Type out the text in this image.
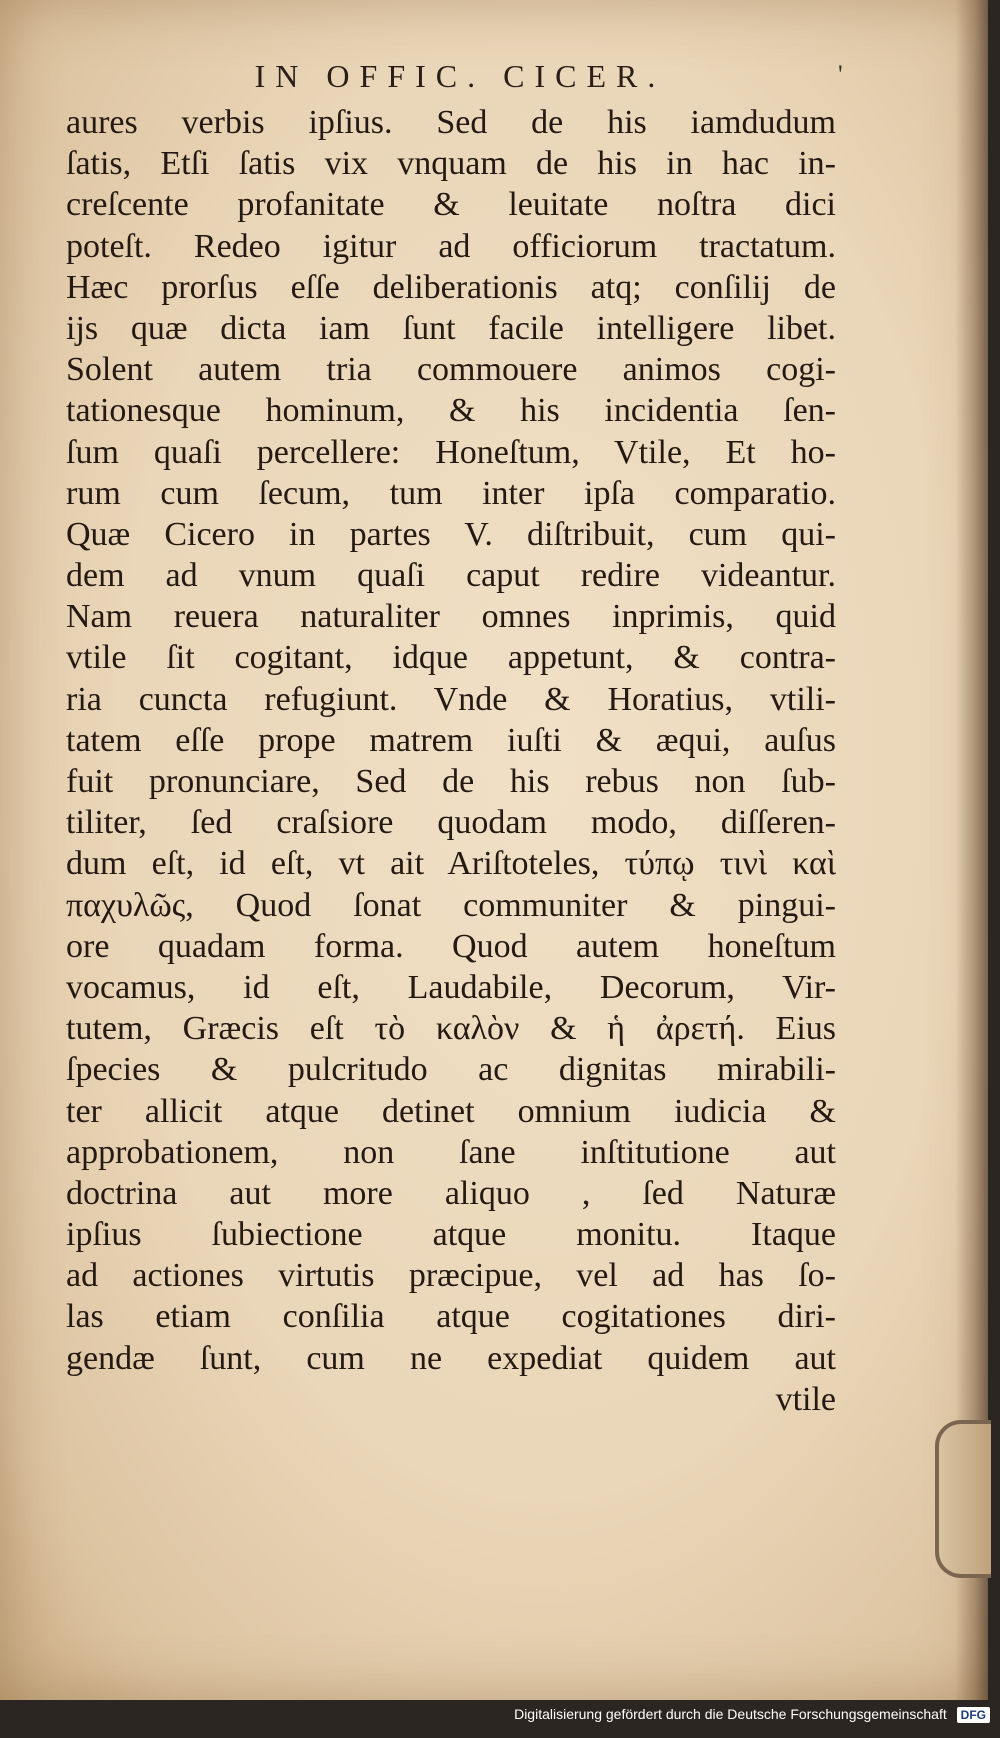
IN OFFIC. CICER.	'
aures verbis ipſius. Sed de his iamdudum
ſatis, Etſi ſatis vix vnquam de his in hac in-
creſcente profanitate & leuitate noſtra dici
poteſt. Redeo igitur ad officiorum tractatum.
Hæc prorſus eſſe deliberationis atq; conſilij de
ijs quæ dicta iam ſunt facile intelligere libet.
Solent autem tria commouere animos cogi-
tationesque hominum, & his incidentia ſen-
ſum quaſi percellere: Honeſtum, Vtile, Et ho-
rum cum ſecum, tum inter ipſa comparatio.
Quæ Cicero in partes V. diſtribuit, cum qui-
dem ad vnum quaſi caput redire videantur.
Nam reuera naturaliter omnes inprimis, quid
vtile ſit cogitant, idque appetunt, & contra-
ria cuncta refugiunt. Vnde & Horatius, vtili-
tatem eſſe prope matrem iuſti & æqui, auſus
fuit pronunciare, Sed de his rebus non ſub-
tiliter, ſed craſsiore quodam modo, diſſeren-
dum eſt, id eſt, vt ait Ariſtoteles, τύπῳ τινὶ καὶ
παχυλῶς, Quod ſonat communiter & pingui-
ore quadam forma. Quod autem honeſtum
vocamus, id eſt, Laudabile, Decorum, Vir-
tutem, Græcis eſt τὸ καλὸν & ἡ ἀρετή. Eius
ſpecies & pulcritudo ac dignitas mirabili-
ter allicit atque detinet omnium iudicia &
approbationem, non ſane inſtitutione aut
doctrina aut more aliquo , ſed Naturæ
ipſius ſubiectione atque monitu. Itaque
ad actiones virtutis præcipue, vel ad has ſo-
las etiam conſilia atque cogitationes diri-
gendæ ſunt, cum ne expediat quidem aut
vtile
Digitalisierung gefördert durch die Deutsche Forschungsgemeinschaft DFG
